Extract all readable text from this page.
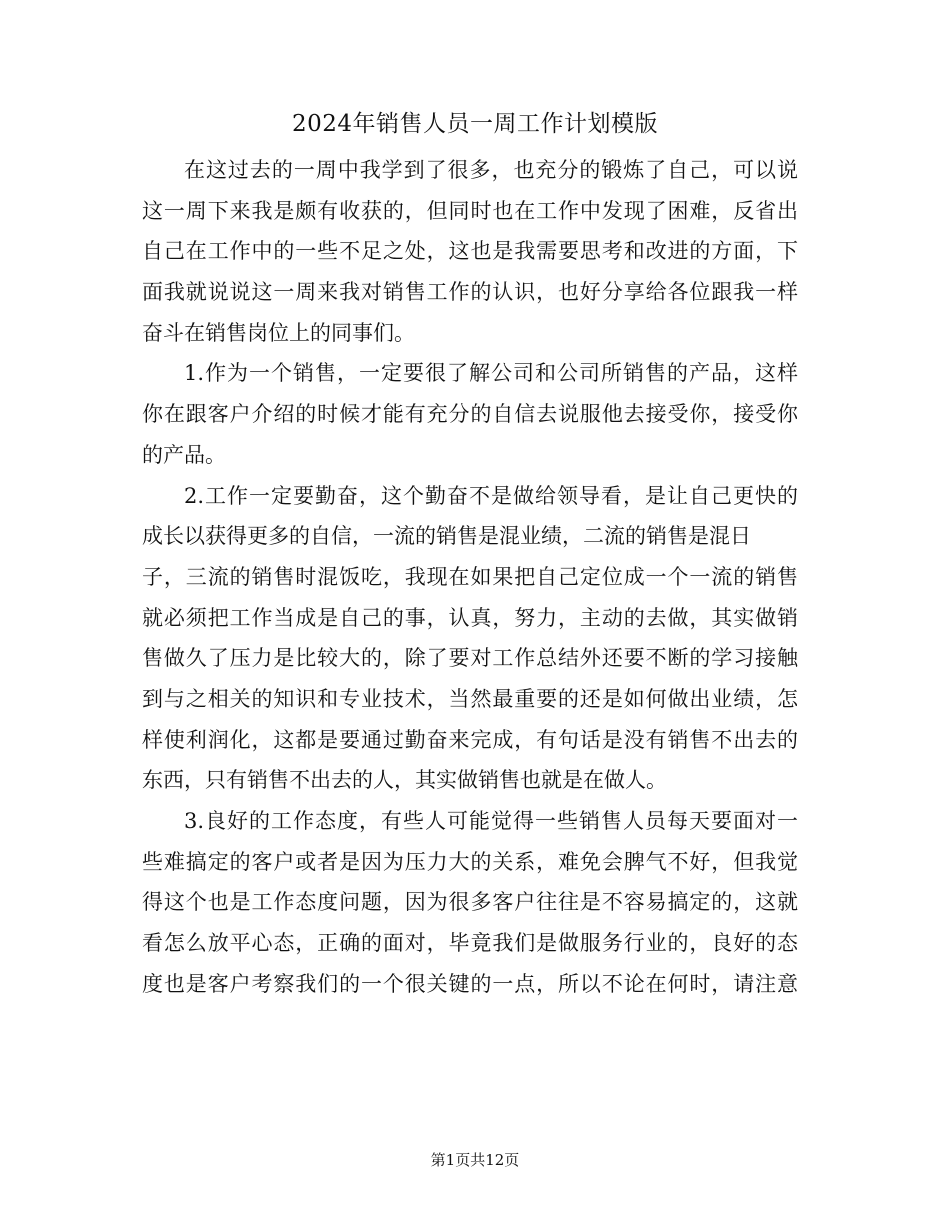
2024年销售人员一周工作计划模版
在这过去的一周中我学到了很多，也充分的锻炼了自己，可以说
这一周下来我是颇有收获的，但同时也在工作中发现了困难，反省出
自己在工作中的一些不足之处，这也是我需要思考和改进的方面，下
面我就说说这一周来我对销售工作的认识，也好分享给各位跟我一样
奋斗在销售岗位上的同事们。
1.作为一个销售，一定要很了解公司和公司所销售的产品，这样
你在跟客户介绍的时候才能有充分的自信去说服他去接受你，接受你
的产品。
2.工作一定要勤奋，这个勤奋不是做给领导看，是让自己更快的
成长以获得更多的自信，一流的销售是混业绩，二流的销售是混日
子，三流的销售时混饭吃，我现在如果把自己定位成一个一流的销售
就必须把工作当成是自己的事，认真，努力，主动的去做，其实做销
售做久了压力是比较大的，除了要对工作总结外还要不断的学习接触
到与之相关的知识和专业技术，当然最重要的还是如何做出业绩，怎
样使利润化，这都是要通过勤奋来完成，有句话是没有销售不出去的
东西，只有销售不出去的人，其实做销售也就是在做人。
3.良好的工作态度，有些人可能觉得一些销售人员每天要面对一
些难搞定的客户或者是因为压力大的关系，难免会脾气不好，但我觉
得这个也是工作态度问题，因为很多客户往往是不容易搞定的，这就
看怎么放平心态，正确的面对，毕竟我们是做服务行业的，良好的态
度也是客户考察我们的一个很关键的一点，所以不论在何时，请注意
第1页共12页
